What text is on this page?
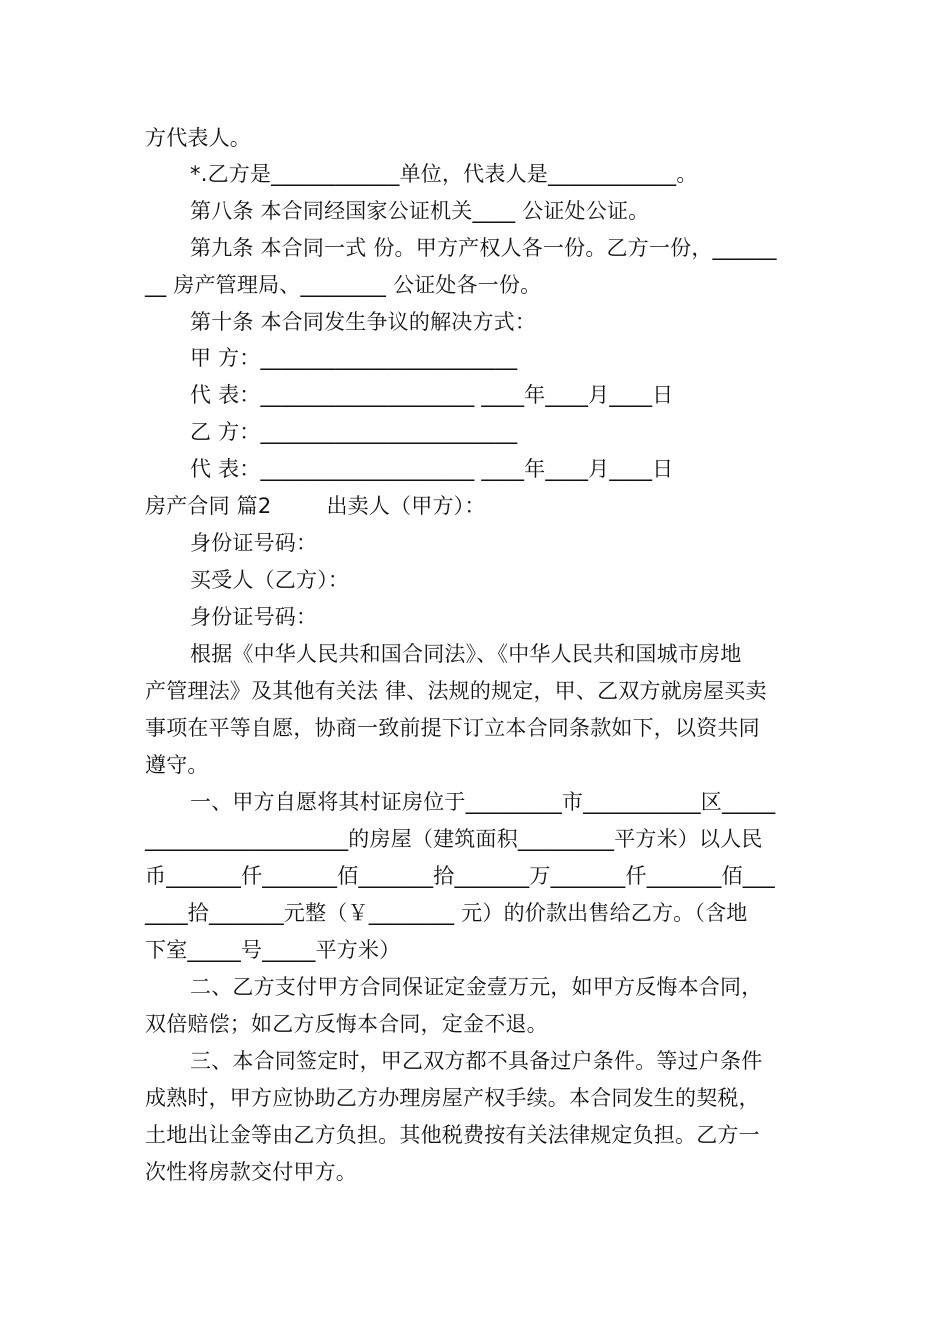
方代表人。
*.乙方是____________单位，代表人是____________。
第八条 本合同经国家公证机关____ 公证处公证。
第九条 本合同一式 份。甲方产权人各一份。乙方一份，______
__ 房产管理局、________ 公证处各一份。
第十条 本合同发生争议的解决方式：
甲 方：________________________
代 表：____________________ ____年____月____日
乙 方：________________________
代 表：____________________ ____年____月____日
房产合同 篇2        出卖人（甲方）：
身份证号码：
买受人（乙方）：
身份证号码：
根据《中华人民共和国合同法》、《中华人民共和国城市房地
产管理法》及其他有关法 律、法规的规定，甲、乙双方就房屋买卖
事项在平等自愿，协商一致前提下订立本合同条款如下，以资共同
遵守。
一、甲方自愿将其村证房位于_________市___________区_____
___________________的房屋（建筑面积_________平方米）以人民
币_______仟_______佰_______拾_______万_______仟_______佰___
____拾_______元整（￥________ 元）的价款出售给乙方。（含地
下室_____号_____平方米）
二、乙方支付甲方合同保证定金壹万元，如甲方反悔本合同，
双倍赔偿；如乙方反悔本合同，定金不退。
三、本合同签定时，甲乙双方都不具备过户条件。等过户条件
成熟时，甲方应协助乙方办理房屋产权手续。本合同发生的契税，
土地出让金等由乙方负担。其他税费按有关法律规定负担。乙方一
次性将房款交付甲方。
